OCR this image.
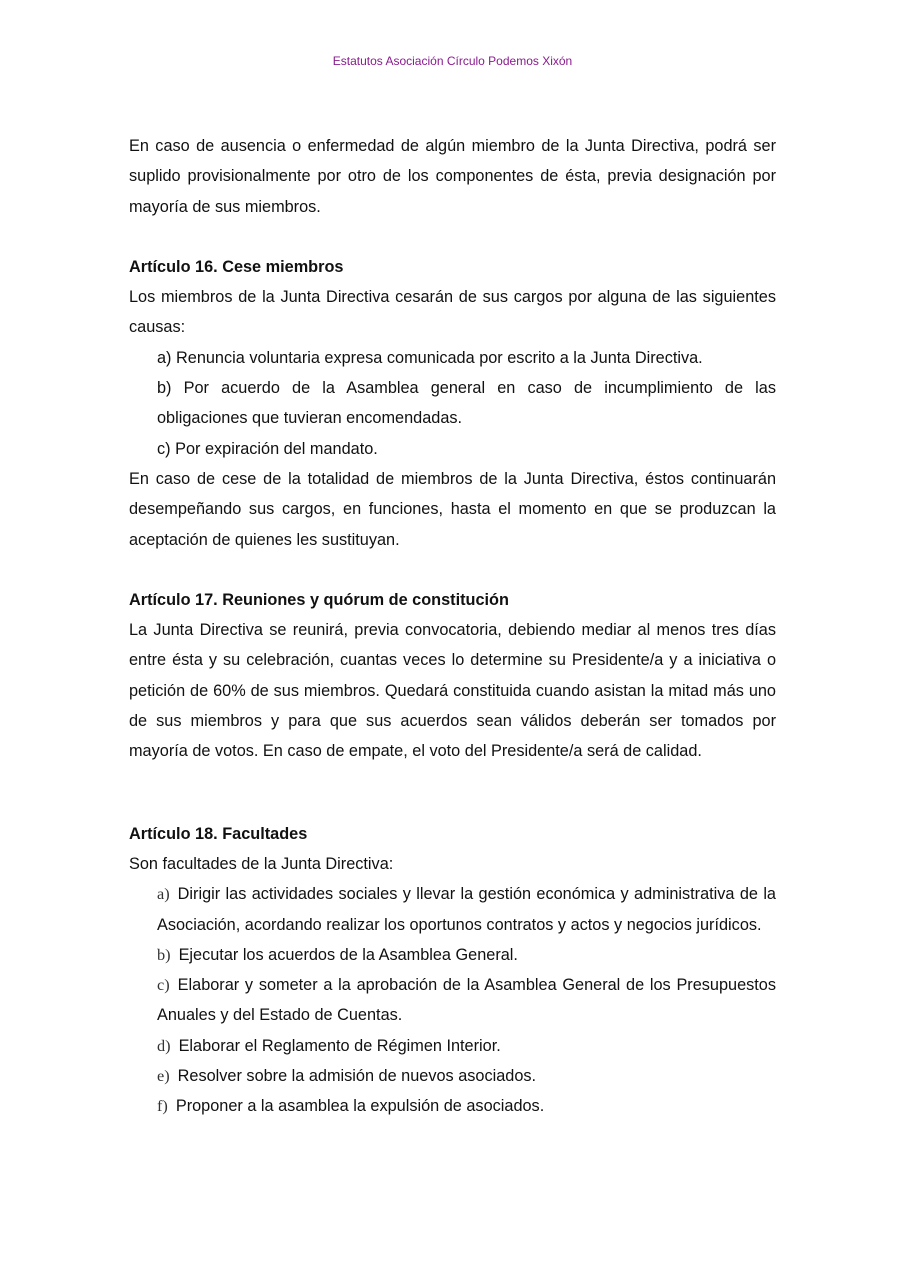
Estatutos Asociación Círculo Podemos Xixón

En caso de ausencia o enfermedad de algún miembro de la Junta Directiva, podrá ser suplido provisionalmente por otro de los componentes de ésta, previa designación por mayoría de sus miembros.

Artículo 16. Cese miembros

Los miembros de la Junta Directiva cesarán de sus cargos por alguna de las siguientes causas:

a) Renuncia voluntaria expresa comunicada por escrito a la Junta Directiva.

b) Por acuerdo de la Asamblea general en caso de incumplimiento de las obligaciones que tuvieran encomendadas.

c) Por expiración del mandato.

En caso de cese de la totalidad de miembros de la Junta Directiva, éstos continuarán desempeñando sus cargos, en funciones, hasta el momento en que se produzcan la aceptación de quienes les sustituyan.

Artículo 17. Reuniones y quórum de constitución

La Junta Directiva se reunirá, previa convocatoria, debiendo mediar al menos tres días entre ésta y su celebración, cuantas veces lo determine su Presidente/a y a iniciativa o petición de 60% de sus miembros. Quedará constituida cuando asistan la mitad más uno de sus miembros y para que sus acuerdos sean válidos deberán ser tomados por mayoría de votos. En caso de empate, el voto del Presidente/a será de calidad.

Artículo 18. Facultades

Son facultades de la Junta Directiva:

a) Dirigir las actividades sociales y llevar la gestión económica y administrativa de la Asociación, acordando realizar los oportunos contratos y actos y negocios jurídicos.

b) Ejecutar los acuerdos de la Asamblea General.

c) Elaborar y someter a la aprobación de la Asamblea General de los Presupuestos Anuales y del Estado de Cuentas.

d) Elaborar el Reglamento de Régimen Interior.

e) Resolver sobre la admisión de nuevos asociados.

f) Proponer a la asamblea la expulsión de asociados.
